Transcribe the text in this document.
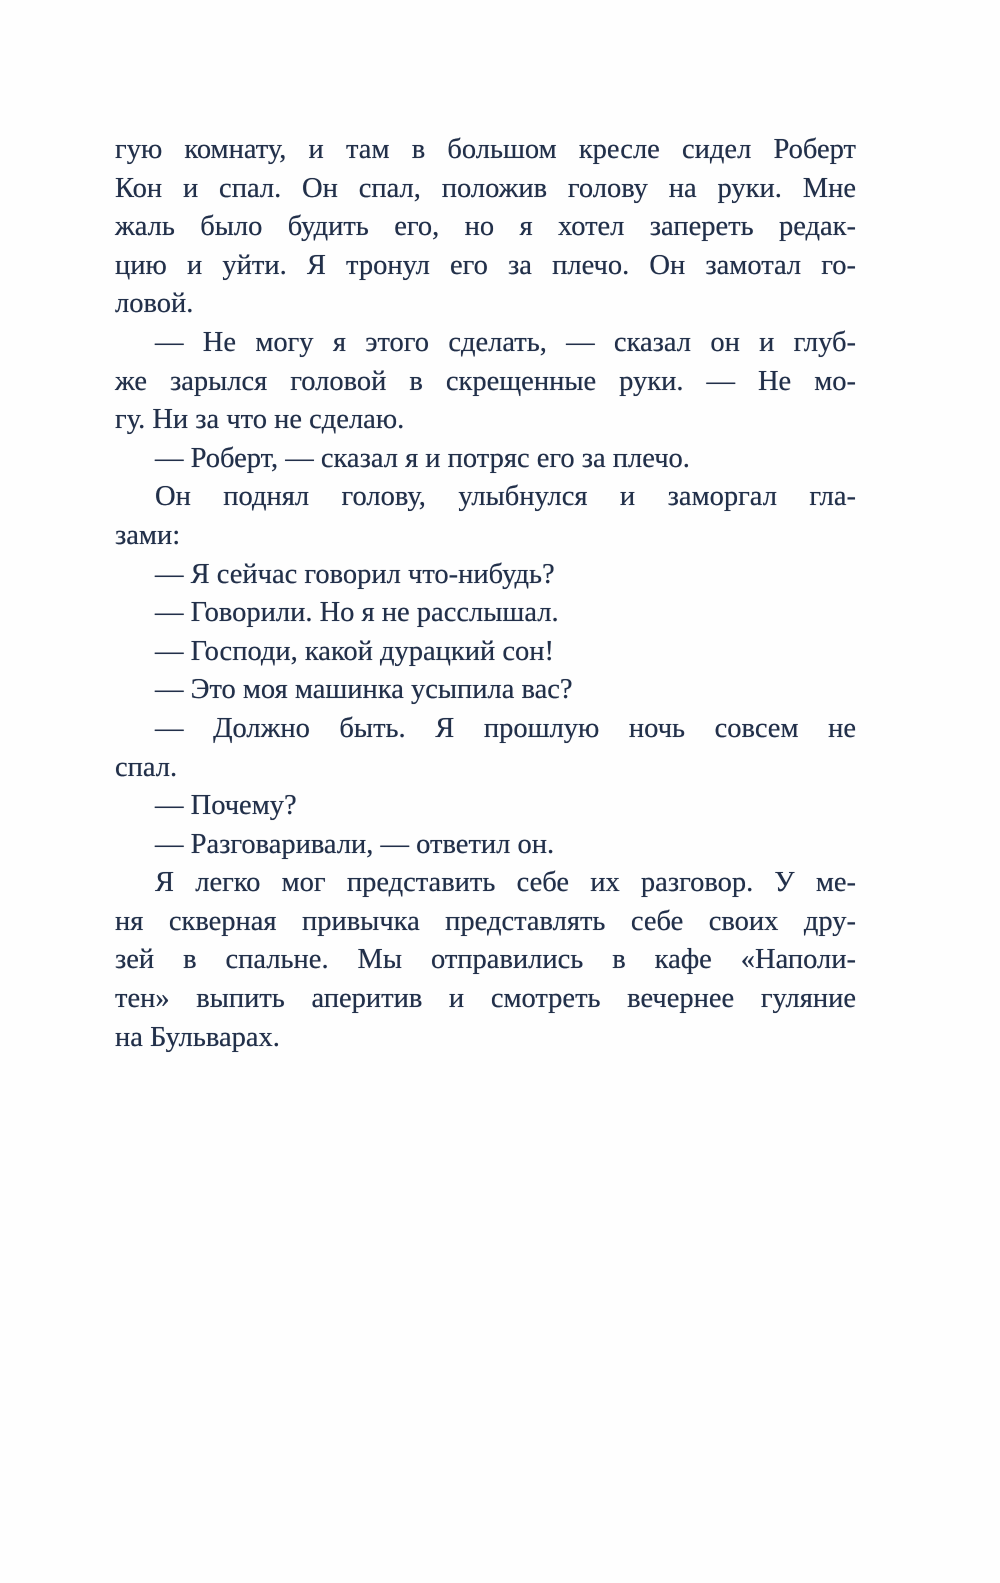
гую комнату, и там в большом кресле сидел Роберт
Кон и спал. Он спал, положив голову на руки. Мне
жаль было будить его, но я хотел запереть редак-
цию и уйти. Я тронул его за плечо. Он замотал го-
ловой.

— Не могу я этого сделать, — сказал он и глуб-
же зарылся головой в скрещенные руки. — Не мо-
гу. Ни за что не сделаю.

— Роберт, — сказал я и потряс его за плечо.

Он поднял голову, улыбнулся и заморгал гла-
зами:

— Я сейчас говорил что-нибудь?

— Говорили. Но я не расслышал.

— Господи, какой дурацкий сон!

— Это моя машинка усыпила вас?

— Должно быть. Я прошлую ночь совсем не
спал.

— Почему?

— Разговаривали, — ответил он.

Я легко мог представить себе их разговор. У ме-
ня скверная привычка представлять себе своих дру-
зей в спальне. Мы отправились в кафе «Наполи-
тен» выпить аперитив и смотреть вечернее гуляние
на Бульварах.
